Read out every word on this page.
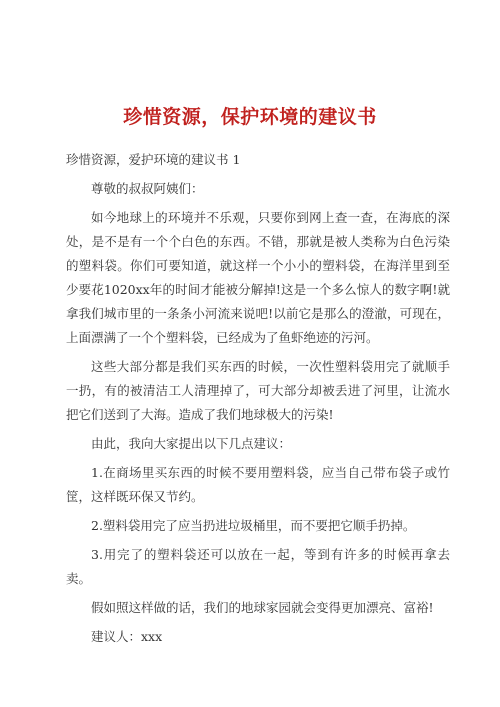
珍惜资源，保护环境的建议书

珍惜资源，爱护环境的建议书 1

尊敬的叔叔阿姨们：

如今地球上的环境并不乐观，只要你到网上查一查，在海底的深处，是不是有一个个白色的东西。不错，那就是被人类称为白色污染的塑料袋。你们可要知道，就这样一个小小的塑料袋，在海洋里到至少要花1020xx年的时间才能被分解掉!这是一个多么惊人的数字啊!就拿我们城市里的一条条小河流来说吧!以前它是那么的澄澈，可现在，上面漂满了一个个塑料袋，已经成为了鱼虾绝迹的污河。

这些大部分都是我们买东西的时候，一次性塑料袋用完了就顺手一扔，有的被清洁工人清理掉了，可大部分却被丢进了河里，让流水把它们送到了大海。造成了我们地球极大的污染!

由此，我向大家提出以下几点建议：

1.在商场里买东西的时候不要用塑料袋，应当自己带布袋子或竹筐，这样既环保又节约。

2.塑料袋用完了应当扔进垃圾桶里，而不要把它顺手扔掉。

3.用完了的塑料袋还可以放在一起，等到有许多的时候再拿去卖。

假如照这样做的话，我们的地球家园就会变得更加漂亮、富裕!

建议人：xxx
